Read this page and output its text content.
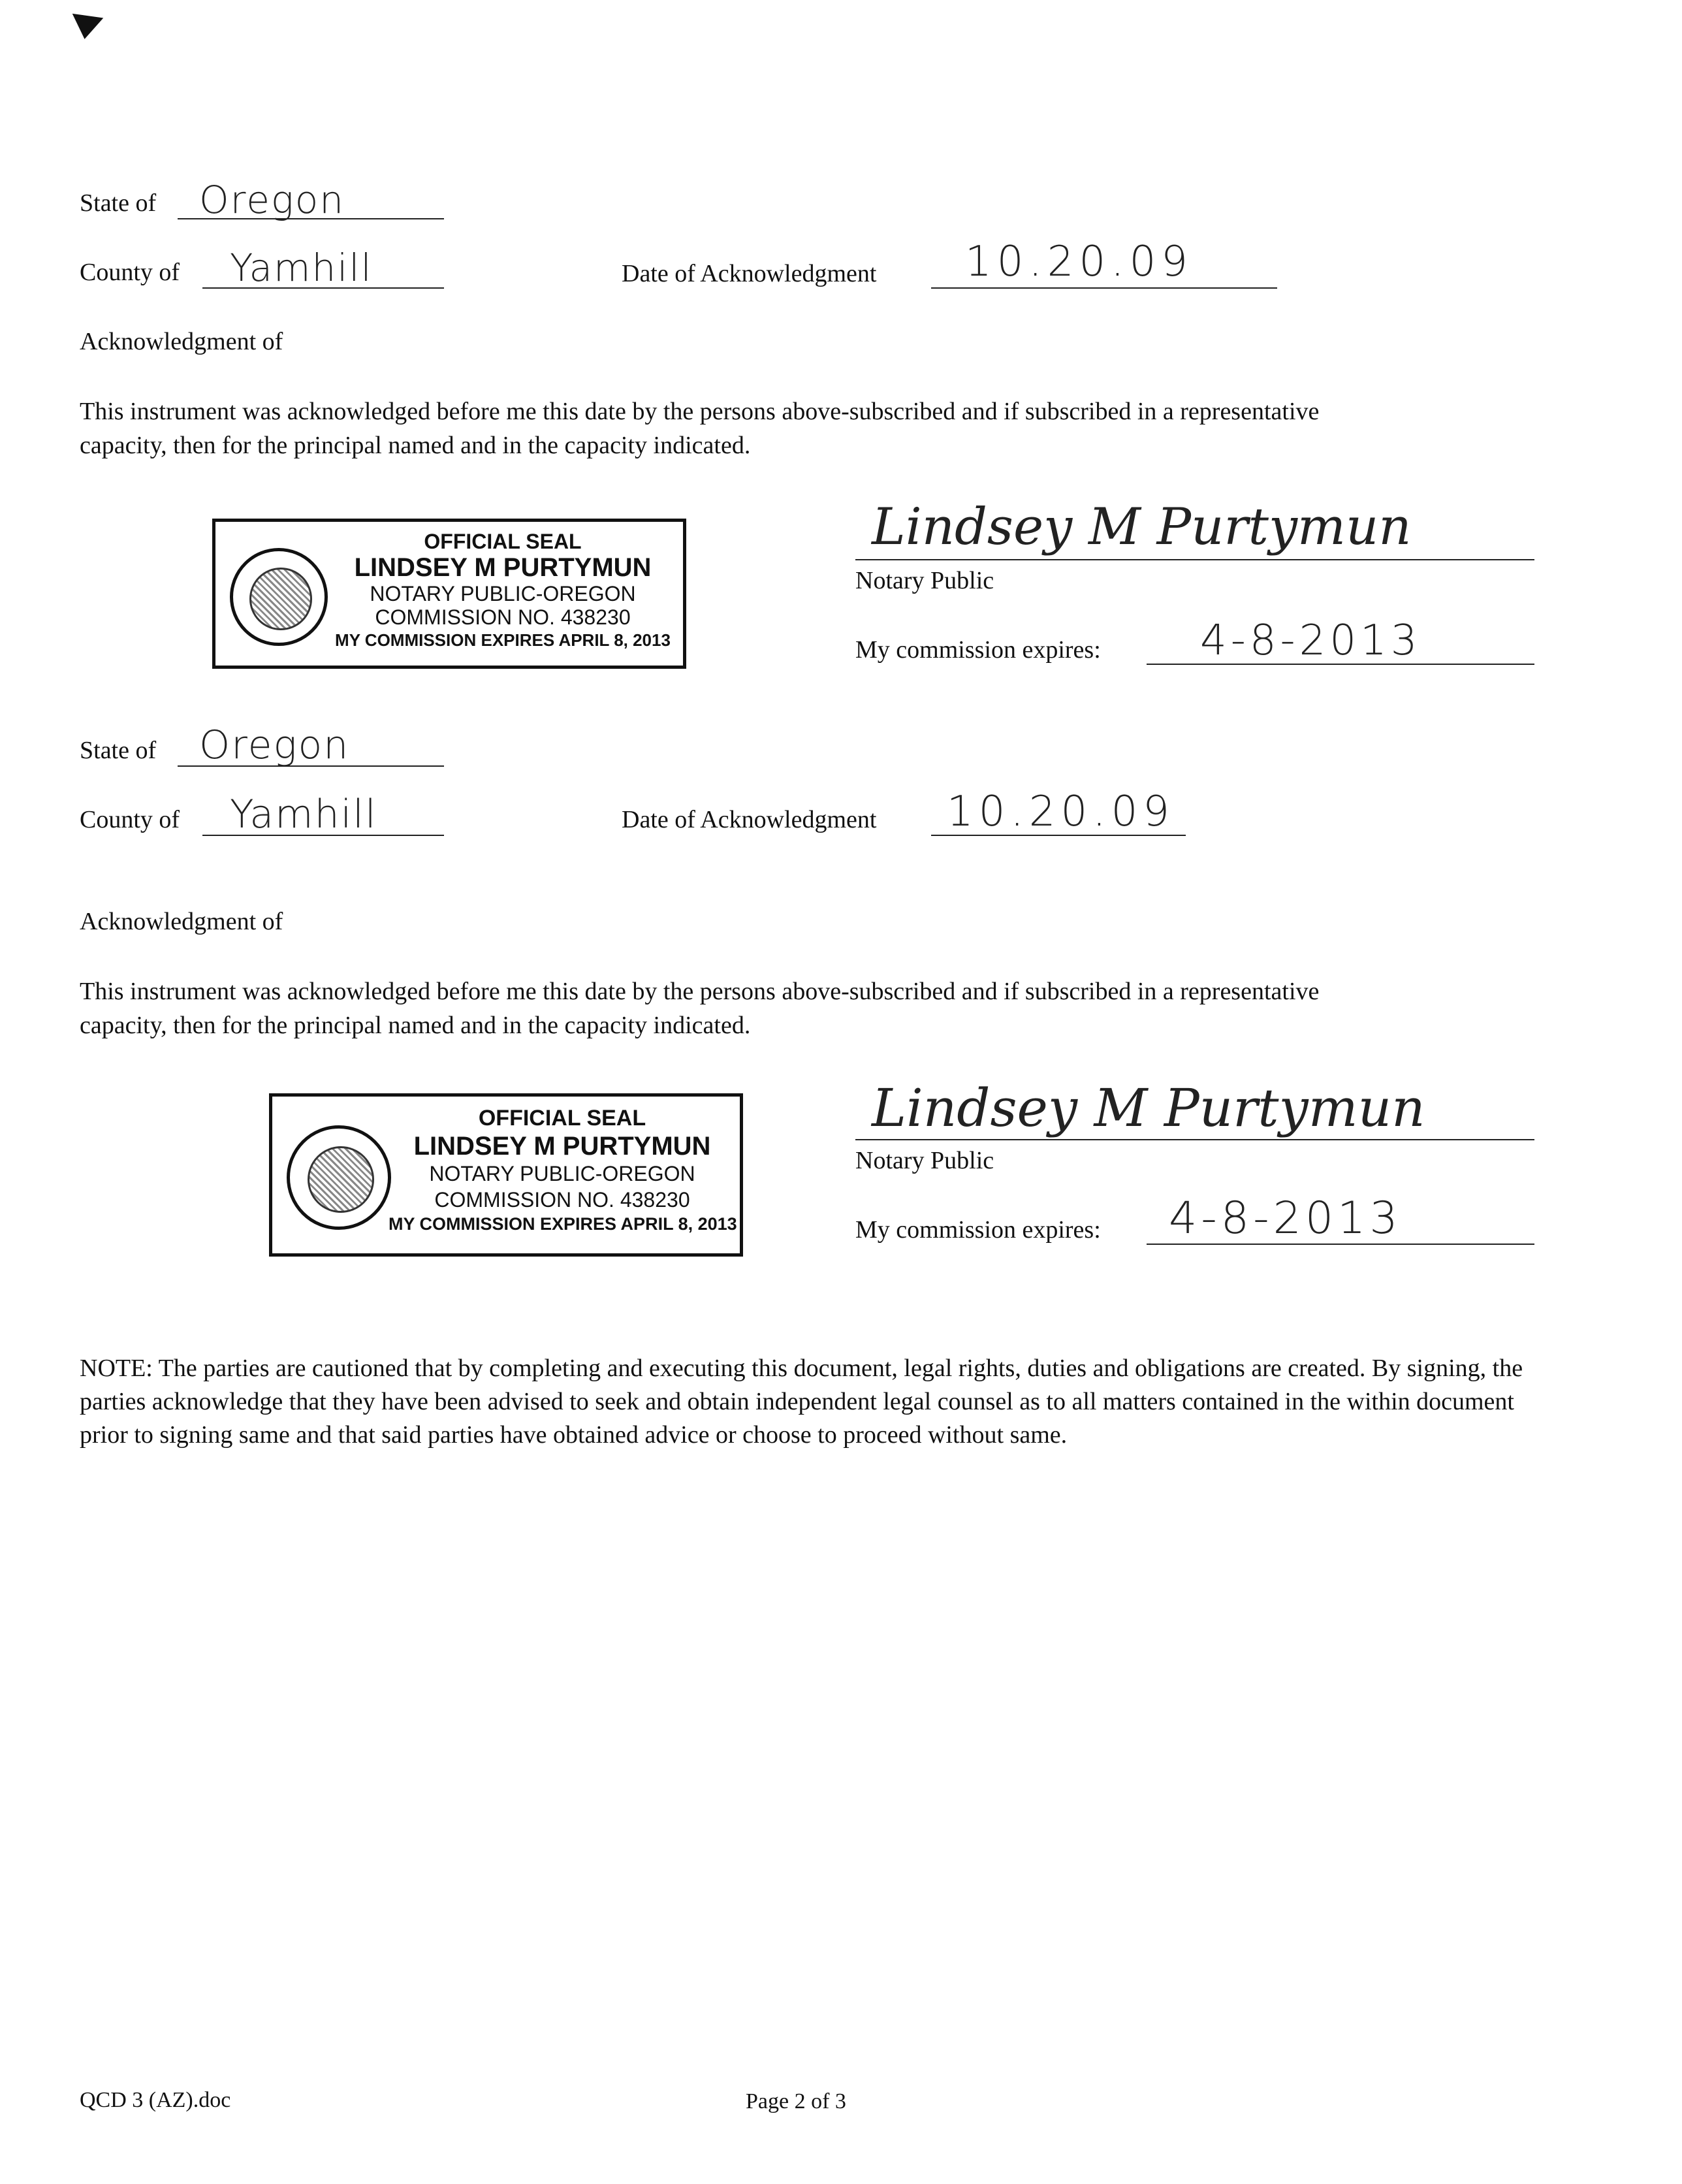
State of Oregon
County of Yamhill	Date of Acknowledgment 10.20.09
Acknowledgment of
This instrument was acknowledged before me this date by the persons above-subscribed and if subscribed in a representative capacity, then for the principal named and in the capacity indicated.
OFFICIAL SEAL
LINDSEY M PURTYMUN
NOTARY PUBLIC-OREGON
COMMISSION NO. 438230
MY COMMISSION EXPIRES APRIL 8, 2013
Lindsey M Purtymun
Notary Public
My commission expires: 4-8-2013
State of Oregon
County of Yamhill	Date of Acknowledgment 10.20.09
Acknowledgment of
This instrument was acknowledged before me this date by the persons above-subscribed and if subscribed in a representative capacity, then for the principal named and in the capacity indicated.
OFFICIAL SEAL
LINDSEY M PURTYMUN
NOTARY PUBLIC-OREGON
COMMISSION NO. 438230
MY COMMISSION EXPIRES APRIL 8, 2013
Lindsey M Purtymun
Notary Public
My commission expires: 4-8-2013
NOTE: The parties are cautioned that by completing and executing this document, legal rights, duties and obligations are created. By signing, the parties acknowledge that they have been advised to seek and obtain independent legal counsel as to all matters contained in the within document prior to signing same and that said parties have obtained advice or choose to proceed without same.
QCD 3 (AZ).doc	Page 2 of 3
